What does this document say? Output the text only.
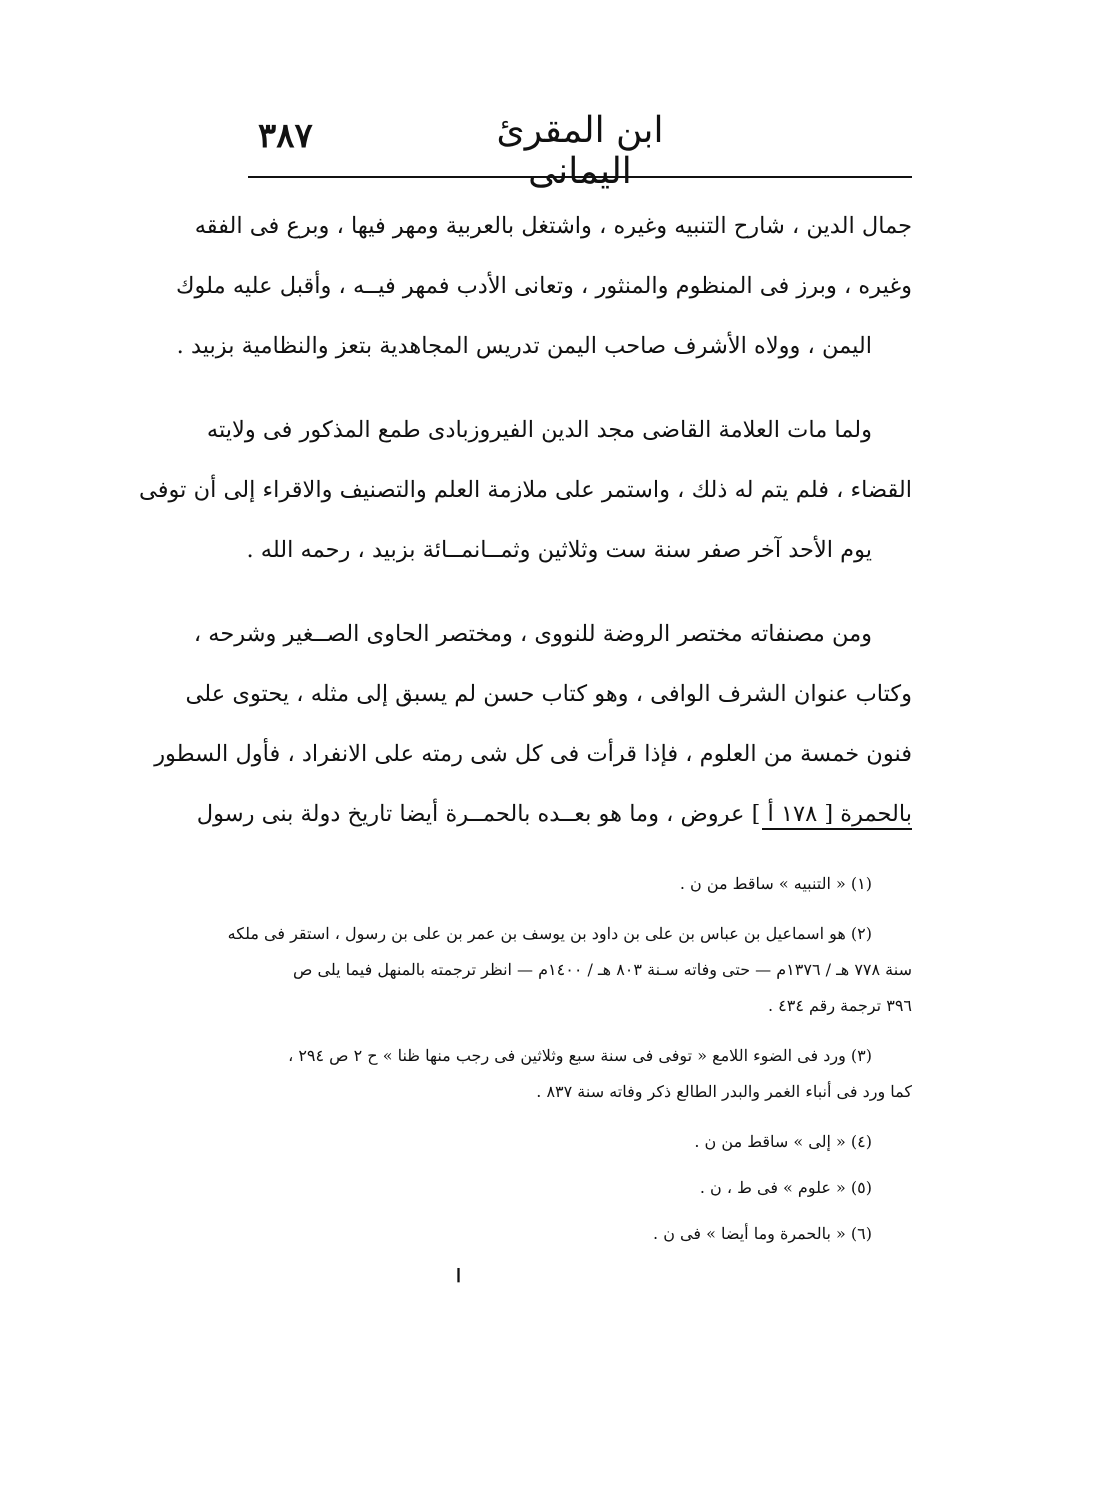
٣٨٧	ابن المقرئ اليمانى
جمال الدين ، شارح التنبيه وغيره ، واشتغل بالعربية ومهر فيها ، وبرع فى الفقه
وغيره ، وبرز فى المنظوم والمنثور ، وتعانى الأدب فمهر فيــه ، وأقبل عليه ملوك
اليمن ، وولاه الأشرف صاحب اليمن تدريس المجاهدية بتعز والنظامية بزبيد .
ولما مات العلامة القاضى مجد الدين الفيروزبادى طمع المذكور فى ولايته
القضاء ، فلم يتم له ذلك ، واستمر على ملازمة العلم والتصنيف والاقراء إلى أن توفى
يوم الأحد آخر صفر سنة ست وثلاثين وثمــانمــائة بزبيد ، رحمه الله .
ومن مصنفاته مختصر الروضة للنووى ، ومختصر الحاوى الصــغير وشرحه ،
وكتاب عنوان الشرف الوافى ، وهو كتاب حسن لم يسبق إلى مثله ، يحتوى على
فنون خمسة من العلوم ، فإذا قرأت فى كل شى رمته على الانفراد ، فأول السطور
بالحمرة [ ١٧٨ أ ] عروض ، وما هو بعــده بالحمــرة أيضا تاريخ دولة بنى رسول
(١) « التنبيه » ساقط من ن .
(٢) هو اسماعيل بن عباس بن على بن داود بن يوسف بن عمر بن على بن رسول ، استقر فى ملكه
سنة ٧٧٨ هـ / ١٣٧٦م — حتى وفاته سـنة ٨٠٣ هـ / ١٤٠٠م — انظر ترجمته بالمنهل فيما يلى ص
٣٩٦ ترجمة رقم ٤٣٤ .
(٣) ورد فى الضوء اللامع « توفى فى سنة سبع وثلاثين فى رجب منها ظنا » ح ٢ ص ٢٩٤ ،
كما ورد فى أنباء الغمر والبدر الطالع ذكر وفاته سنة ٨٣٧ .
(٤) « إلى » ساقط من ن .
(٥) « علوم » فى ط ، ن .
(٦) « بالحمرة وما أيضا » فى ن .
ا
